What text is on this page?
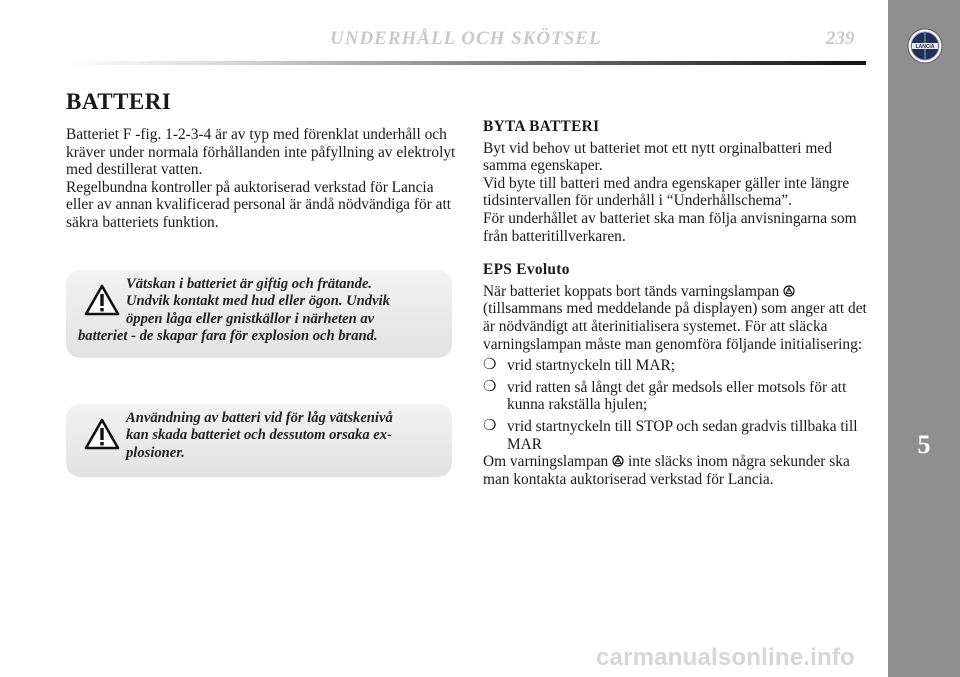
UNDERHÅLL OCH SKÖTSEL	239	LANCIA
5
BATTERI

Batteriet F -fig. 1-2-3-4 är av typ med förenklat underhåll och kräver under normala förhållanden inte påfyllning av elektrolyt med destillerat vatten.

Regelbundna kontroller på auktoriserad verkstad för Lancia eller av annan kvalificerad personal är ändå nödvändiga för att säkra batteriets funktion.

Vätskan i batteriet är giftig och frätande.
Undvik kontakt med hud eller ögon. Undvik
öppen låga eller gnistkällor i närheten av
batteriet - de skapar fara för explosion och brand.
Användning av batteri vid för låg vätskenivå
kan skada batteriet och dessutom orsaka ex-
plosioner.
BYTA BATTERI

Byt vid behov ut batteriet mot ett nytt orginalbatteri med samma egenskaper.

Vid byte till batteri med andra egenskaper gäller inte längre tidsintervallen för underhåll i “Underhållschema”.

För underhållet av batteriet ska man följa anvisningarna som från batteritillverkaren.

EPS Evoluto

När batteriet koppats bort tänds varningslampan  (tillsammans med meddelande på displayen) som anger att det är nödvändigt att återinitialisera systemet. För att släcka varningslampan måste man genomföra följande initialisering:

❍ vrid startnyckeln till MAR;
❍ vrid ratten så långt det går medsols eller motsols för att kunna rakställa hjulen;
❍ vrid startnyckeln till STOP och sedan gradvis tillbaka till MAR

Om varningslampan inte släcks inom några sekunder ska man kontakta auktoriserad verkstad för Lancia.

carmanualsonline.info
